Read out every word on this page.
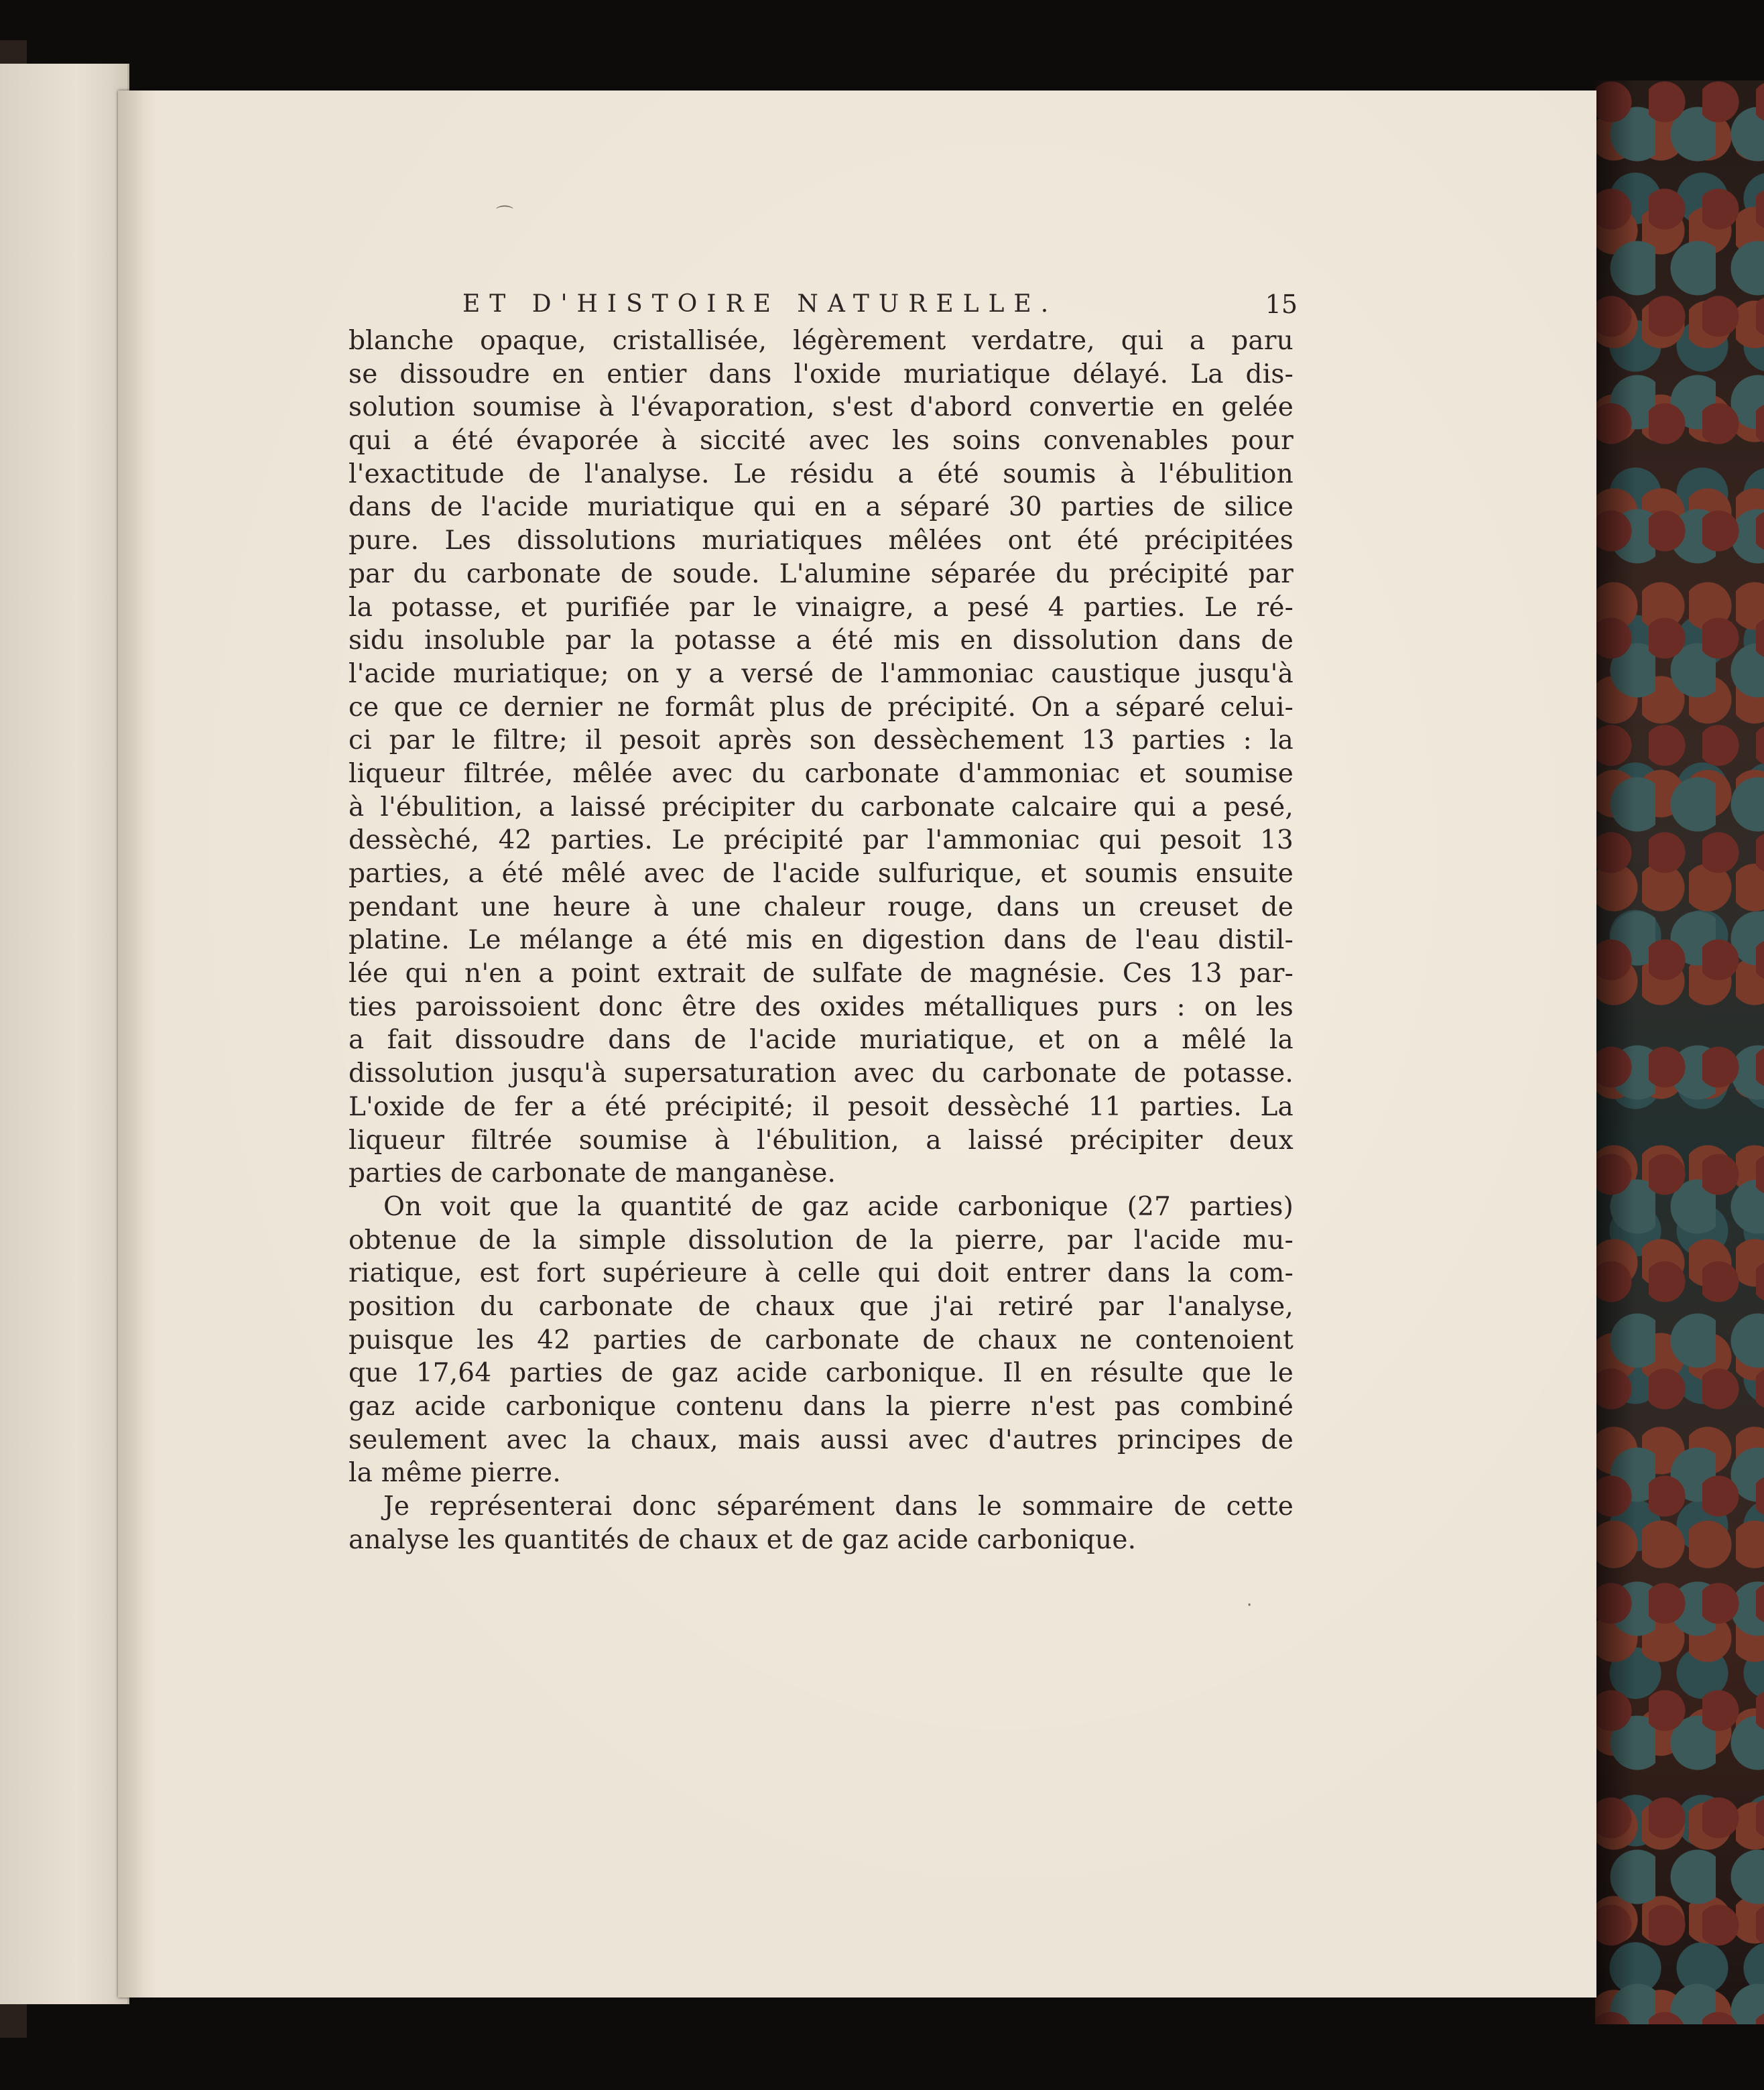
ET D'HISTOIRE NATURELLE.	15
blanche opaque, cristallisée, légèrement verdatre, qui a paru
se dissoudre en entier dans l'oxide muriatique délayé. La dis-
solution soumise à l'évaporation, s'est d'abord convertie en gelée
qui a été évaporée à siccité avec les soins convenables pour
l'exactitude de l'analyse. Le résidu a été soumis à l'ébulition
dans de l'acide muriatique qui en a séparé 30 parties de silice
pure. Les dissolutions muriatiques mêlées ont été précipitées
par du carbonate de soude. L'alumine séparée du précipité par
la potasse, et purifiée par le vinaigre, a pesé 4 parties. Le ré-
sidu insoluble par la potasse a été mis en dissolution dans de
l'acide muriatique; on y a versé de l'ammoniac caustique jusqu'à
ce que ce dernier ne formât plus de précipité. On a séparé celui-
ci par le filtre; il pesoit après son dessèchement 13 parties : la
liqueur filtrée, mêlée avec du carbonate d'ammoniac et soumise
à l'ébulition, a laissé précipiter du carbonate calcaire qui a pesé,
dessèché, 42 parties. Le précipité par l'ammoniac qui pesoit 13
parties, a été mêlé avec de l'acide sulfurique, et soumis ensuite
pendant une heure à une chaleur rouge, dans un creuset de
platine. Le mélange a été mis en digestion dans de l'eau distil-
lée qui n'en a point extrait de sulfate de magnésie. Ces 13 par-
ties paroissoient donc être des oxides métalliques purs : on les
a fait dissoudre dans de l'acide muriatique, et on a mêlé la
dissolution jusqu'à supersaturation avec du carbonate de potasse.
L'oxide de fer a été précipité; il pesoit dessèché 11 parties. La
liqueur filtrée soumise à l'ébulition, a laissé précipiter deux
parties de carbonate de manganèse.
On voit que la quantité de gaz acide carbonique (27 parties)
obtenue de la simple dissolution de la pierre, par l'acide mu-
riatique, est fort supérieure à celle qui doit entrer dans la com-
position du carbonate de chaux que j'ai retiré par l'analyse,
puisque les 42 parties de carbonate de chaux ne contenoient
que 17,64 parties de gaz acide carbonique. Il en résulte que le
gaz acide carbonique contenu dans la pierre n'est pas combiné
seulement avec la chaux, mais aussi avec d'autres principes de
la même pierre.
Je représenterai donc séparément dans le sommaire de cette
analyse les quantités de chaux et de gaz acide carbonique.
⌒
·
